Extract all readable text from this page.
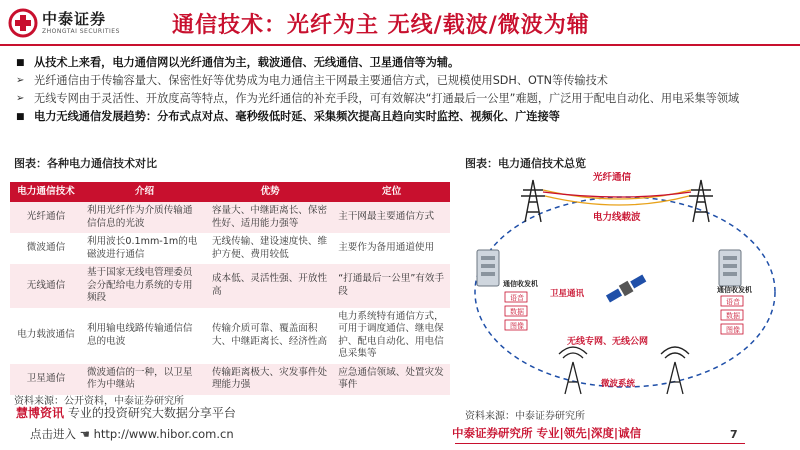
中泰证券
ZHONGTAI SECURITIES 通信技术：光纤为主 无线/载波/微波为辅
■ 从技术上来看，电力通信网以光纤通信为主，载波通信、无线通信、卫星通信等为辅。
➢ 光纤通信由于传输容量大、保密性好等优势成为电力通信主干网最主要通信方式，已规模使用SDH、OTN等传输技术
➢ 无线专网由于灵活性、开放度高等特点，作为光纤通信的补充手段，可有效解决“打通最后一公里”难题，广泛用于配电自动化、用电采集等领域
■ 电力无线通信发展趋势：分布式点对点、毫秒级低时延、采集频次提高且趋向实时监控、视频化、广连接等
图表：各种电力通信技术对比
电力通信技术	介绍	优势	定位
光纤通信	利用光纤作为介质传输通信信息的光波	容量大、中继距离长、保密性好、适用能力强等	主干网最主要通信方式
微波通信	利用波长0.1mm-1m的电磁波进行通信	无线传输、建设速度快、维护方便、费用较低	主要作为备用通道使用
无线通信	基于国家无线电管理委员会分配给电力系统的专用频段	成本低、灵活性强、开放性高	“打通最后一公里”有效手段
电力载波通信	利用输电线路传输通信信息的电波	传输介质可靠、覆盖面积大、中继距离长、经济性高	电力系统特有通信方式，可用于调度通信、继电保护、配电自动化、用电信息采集等
卫星通信	微波通信的一种，以卫星作为中继站	传输距离极大、灾发事件处理能力强	应急通信领域、处置灾发事件
资料来源：公开资料，中泰证券研究所
慧博资讯 专业的投资研究大数据分享平台
点击进入 ☚ http://www.hibor.com.cn
图表：电力通信技术总览
光纤通信
电力线载波
通信收发机
语音
数据
图像
通信收发机
语音
数据
图像
卫星通讯
无线专网、无线公网
微波系统
资料来源：中泰证券研究所
中泰证券研究所 专业|领先|深度|诚信	7
